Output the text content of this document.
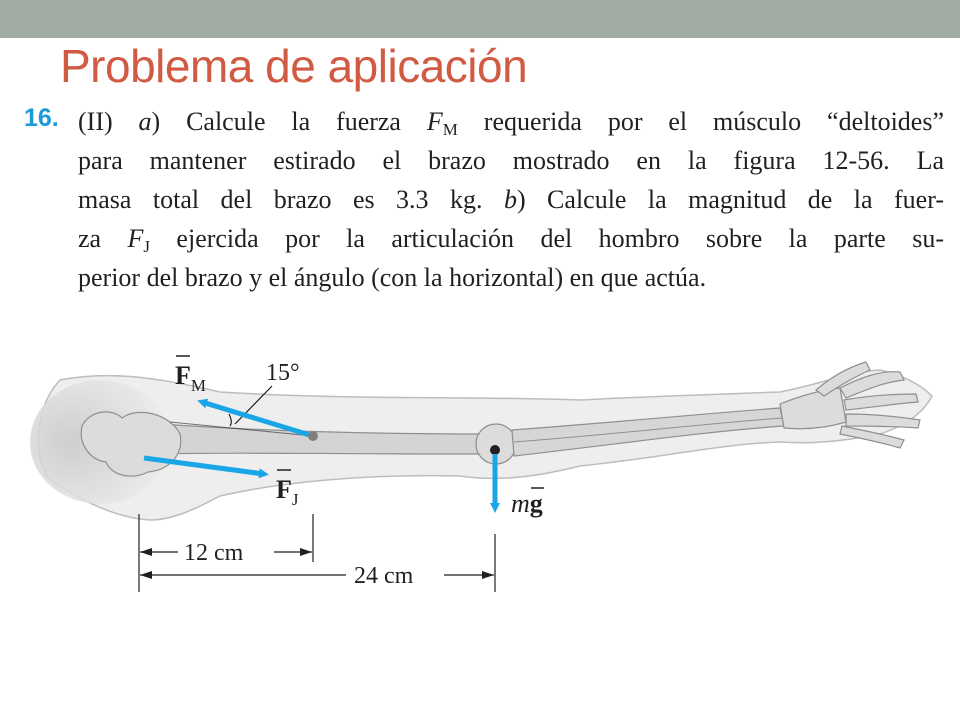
Problema de aplicación
16. (II) a) Calcule la fuerza $F_M$ requerida por el músculo “deltoides”
para mantener estirado el brazo mostrado en la figura 12-56. La
masa total del brazo es 3.3 kg. b) Calcule la magnitud de la fuer-
za $F_J$ ejercida por la articulación del hombro sobre la parte su-
perior del brazo y el ángulo (con la horizontal) en que actúa.
15°
$F_M$
$F_J$	mg
12 cm
24 cm
